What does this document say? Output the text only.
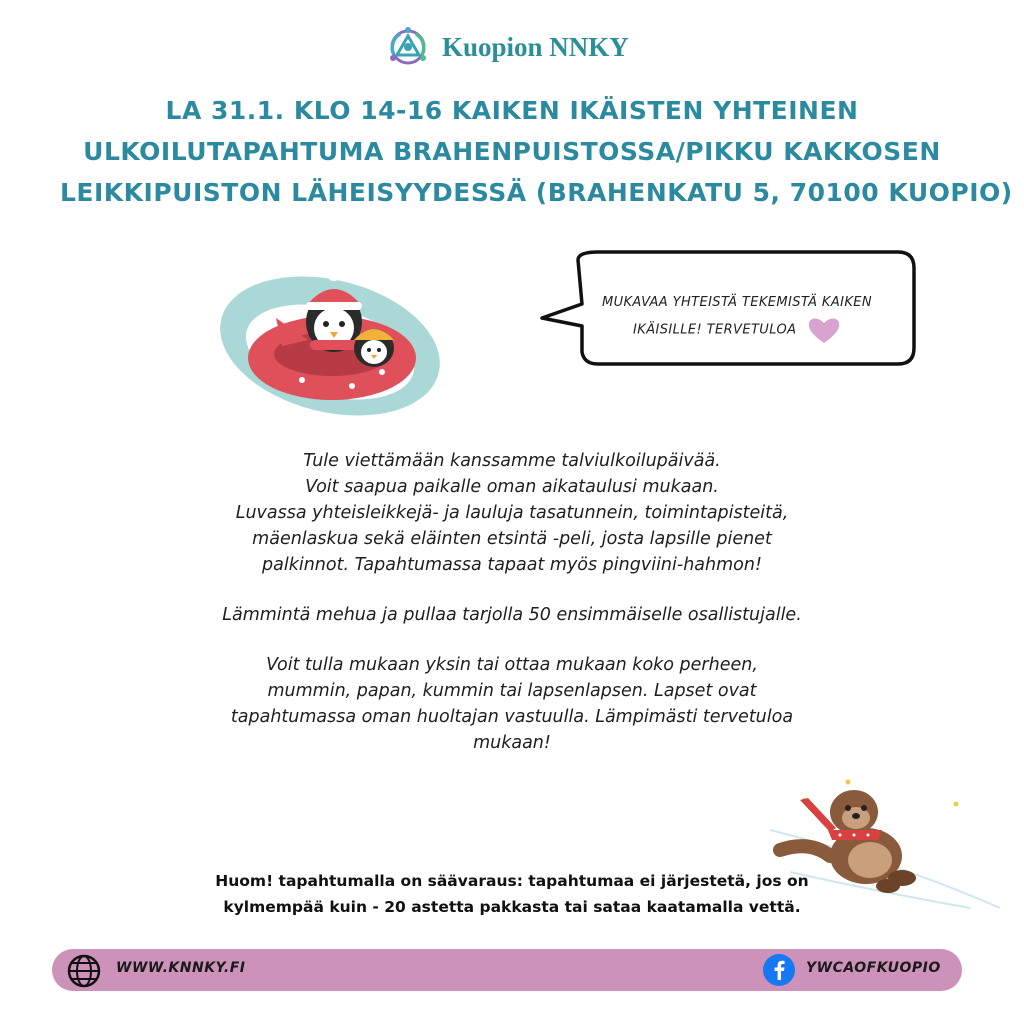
Kuopion NNKY
LA 31.1. KLO 14-16 KAIKEN IKÄISTEN YHTEINEN
ULKOILUTAPAHTUMA BRAHENPUISTOSSA/PIKKU KAKKOSEN
LEIKKIPUISTON LÄHEISYYDESSÄ (BRAHENKATU 5, 70100 KUOPIO)
MUKAVAA YHTEISTÄ TEKEMISTÄ KAIKEN
IKÄISILLE! TERVETULOA

Tule viettämään kanssamme talviulkoilupäivää.
Voit saapua paikalle oman aikataulusi mukaan.
Luvassa yhteisleikkejä- ja lauluja tasatunnein, toimintapisteitä,
mäenlaskua sekä eläinten etsintä -peli, josta lapsille pienet
palkinnot. Tapahtumassa tapaat myös pingviini-hahmon!

Lämmintä mehua ja pullaa tarjolla 50 ensimmäiselle osallistujalle.

Voit tulla mukaan yksin tai ottaa mukaan koko perheen,
mummin, papan, kummin tai lapsenlapsen. Lapset ovat
tapahtumassa oman huoltajan vastuulla. Lämpimästi tervetuloa
mukaan!

Huom! tapahtumalla on säävaraus: tapahtumaa ei järjestetä, jos on
kylmempää kuin - 20 astetta pakkasta tai sataa kaatamalla vettä.
WWW.KNNKY.FI	YWCAOFKUOPIO
